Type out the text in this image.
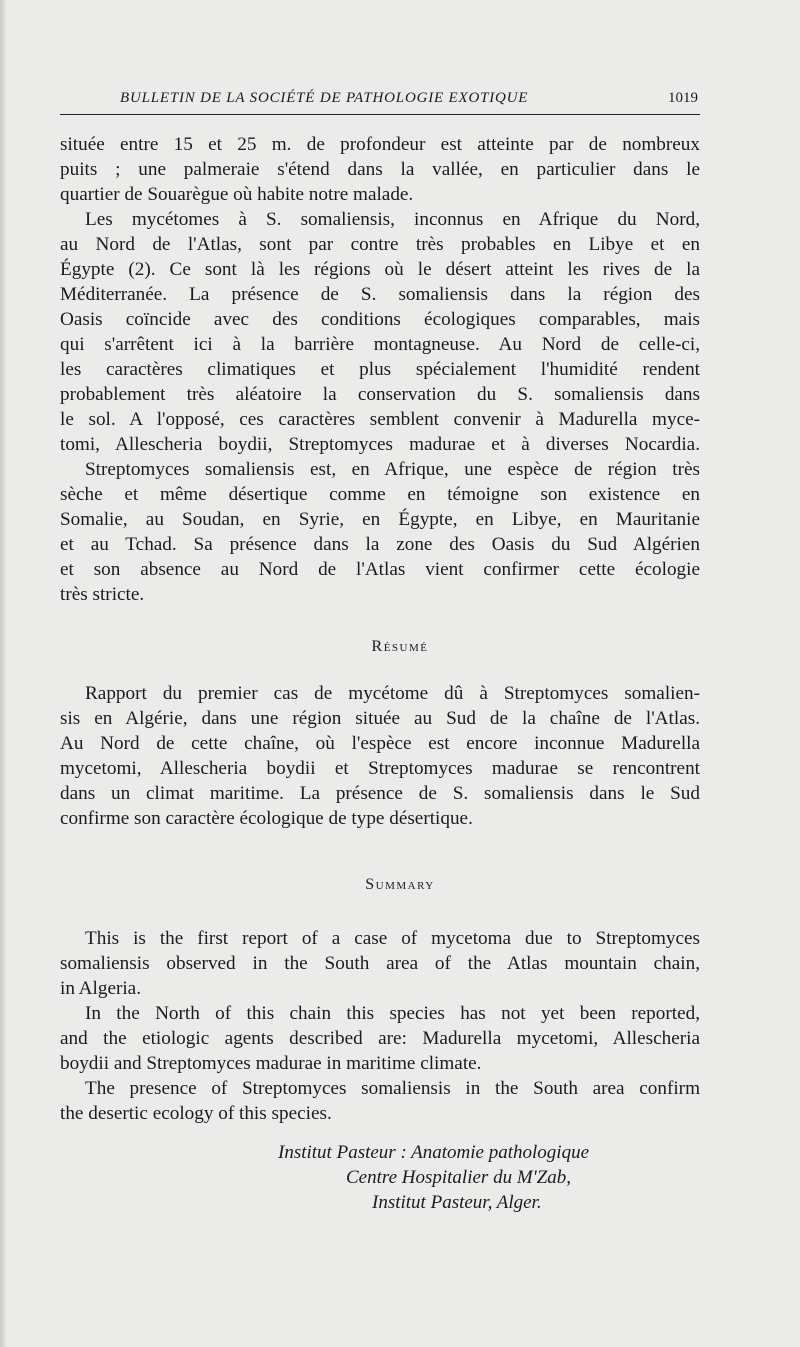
BULLETIN DE LA SOCIÉTÉ DE PATHOLOGIE EXOTIQUE	1019
située entre 15 et 25 m. de profondeur est atteinte par de nombreux
puits ; une palmeraie s'étend dans la vallée, en particulier dans le
quartier de Souarègue où habite notre malade.
Les mycétomes à S. somaliensis, inconnus en Afrique du Nord,
au Nord de l'Atlas, sont par contre très probables en Libye et en
Égypte (2). Ce sont là les régions où le désert atteint les rives de la
Méditerranée. La présence de S. somaliensis dans la région des
Oasis coïncide avec des conditions écologiques comparables, mais
qui s'arrêtent ici à la barrière montagneuse. Au Nord de celle-ci,
les caractères climatiques et plus spécialement l'humidité rendent
probablement très aléatoire la conservation du S. somaliensis dans
le sol. A l'opposé, ces caractères semblent convenir à Madurella myce-
tomi, Allescheria boydii, Streptomyces madurae et à diverses Nocardia.
Streptomyces somaliensis est, en Afrique, une espèce de région très
sèche et même désertique comme en témoigne son existence en
Somalie, au Soudan, en Syrie, en Égypte, en Libye, en Mauritanie
et au Tchad. Sa présence dans la zone des Oasis du Sud Algérien
et son absence au Nord de l'Atlas vient confirmer cette écologie
très stricte.
Résumé
Rapport du premier cas de mycétome dû à Streptomyces somalien-
sis en Algérie, dans une région située au Sud de la chaîne de l'Atlas.
Au Nord de cette chaîne, où l'espèce est encore inconnue Madurella
mycetomi, Allescheria boydii et Streptomyces madurae se rencontrent
dans un climat maritime. La présence de S. somaliensis dans le Sud
confirme son caractère écologique de type désertique.
Summary
This is the first report of a case of mycetoma due to Streptomyces
somaliensis observed in the South area of the Atlas mountain chain,
in Algeria.
In the North of this chain this species has not yet been reported,
and the etiologic agents described are: Madurella mycetomi, Allescheria
boydii and Streptomyces madurae in maritime climate.
The presence of Streptomyces somaliensis in the South area confirm
the desertic ecology of this species.
Institut Pasteur : Anatomie pathologique
Centre Hospitalier du M'Zab,
Institut Pasteur, Alger.
